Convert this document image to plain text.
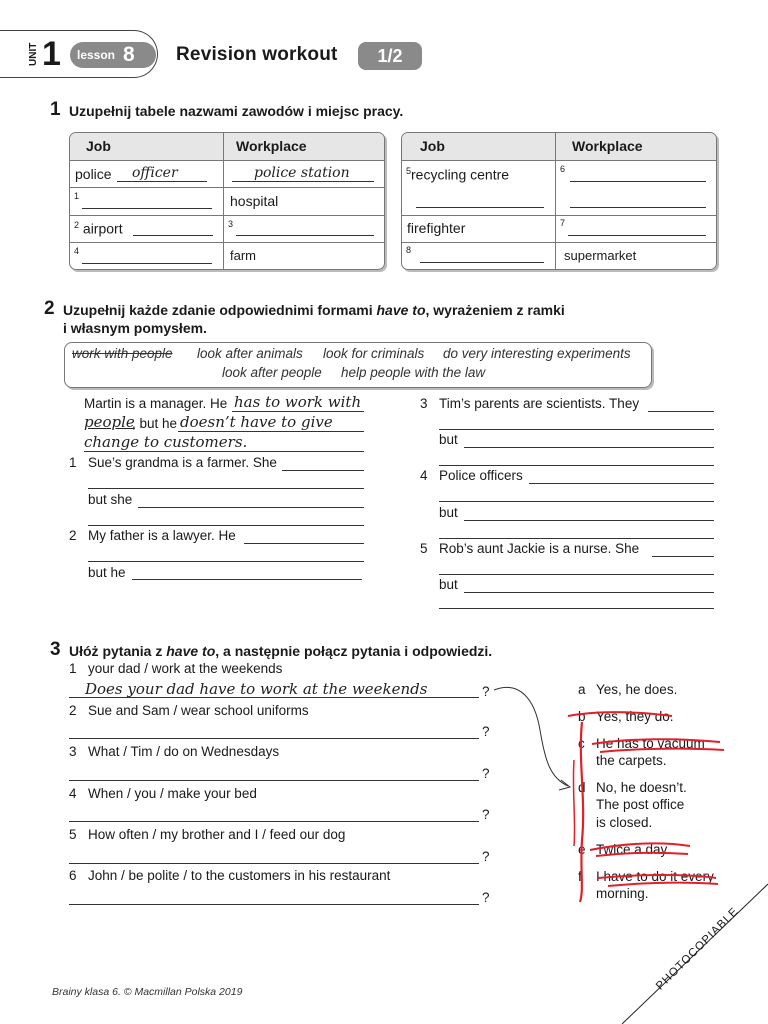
UNIT 1 lesson 8 Revision workout	1/2
1 Uzupełnij tabele nazwami zawodów i miejsc pracy.
Job	Workplace
police officer	police station
$^1$	hospital
$^2$ airport	$^3$
$^4$	farm
Job	Workplace
$^5$recycling centre	$^6$
firefighter	$^7$
$^8$	supermarket
2 Uzupełnij każde zdanie odpowiednimi formami have to, wyrażeniem z ramki
i własnym pomysłem.
work with people look after animals look for criminals do very interesting experiments
look after people help people with the law
Martin is a manager. He has to work with
people
, but he doesn’t have to give
change to customers.
1 Sue’s grandma is a farmer. She
but she
2 My father is a lawyer. He
but he
3 Tim’s parents are scientists. They
but
4 Police officers
but
5 Rob’s aunt Jackie is a nurse. She
but
3 Ułóż pytania z have to, a następnie połącz pytania i odpowiedzi.
1 your dad / work at the weekends
Does your dad have to work at the weekends	?
2 Sue and Sam / wear school uniforms
?
3 What / Tim / do on Wednesdays
?
4 When / you / make your bed
?
5 How often / my brother and I / feed our dog
?
6 John / be polite / to the customers in his restaurant
?
a Yes, he does.
b Yes, they do.
c He has to vacuum
the carpets.
d No, he doesn’t.
The post office
is closed.
e Twice a day.
f I have to do it every
morning.
PHOTOCOPIABLE
Brainy klasa 6. © Macmillan Polska 2019
